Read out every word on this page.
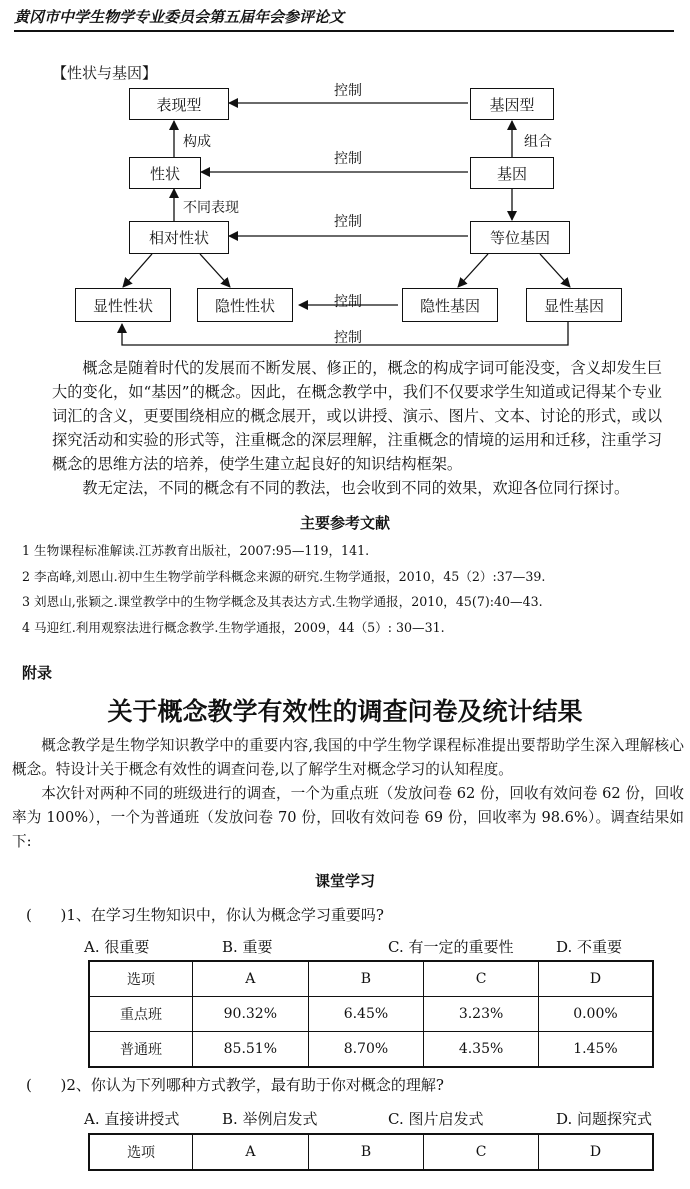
黄冈市中学生物学专业委员会第五届年会参评论文
【性状与基因】
表现型	基因型
性状	基因
相对性状	等位基因
显性性状	隐性性状	隐性基因	显性基因
控制
控制
控制
控制
控制
构成	组合
不同表现

概念是随着时代的发展而不断发展、修正的，概念的构成字词可能没变，含义却发生巨大的变化，如“基因”的概念。因此，在概念教学中，我们不仅要求学生知道或记得某个专业词汇的含义，更要围绕相应的概念展开，或以讲授、演示、图片、文本、讨论的形式，或以探究活动和实验的形式等，注重概念的深层理解，注重概念的情境的运用和迁移，注重学习概念的思维方法的培养，使学生建立起良好的知识结构框架。

教无定法，不同的概念有不同的教法，也会收到不同的效果，欢迎各位同行探讨。

主要参考文献
1 生物课程标准解读.江苏教育出版社，2007:95—119，141.
2 李高峰,刘恩山.初中生生物学前学科概念来源的研究.生物学通报，2010，45（2）:37—39.
3 刘恩山,张颖之.课堂教学中的生物学概念及其表达方式.生物学通报，2010，45(7):40—43.
4 马迎红.利用观察法进行概念教学.生物学通报，2009，44（5）: 30—31.
附录
关于概念教学有效性的调查问卷及统计结果

概念教学是生物学知识教学中的重要内容,我国的中学生物学课程标准提出要帮助学生深入理解核心概念。特设计关于概念有效性的调查问卷,以了解学生对概念学习的认知程度。

本次针对两种不同的班级进行的调查，一个为重点班（发放问卷 62 份，回收有效问卷 62 份，回收率为 100%），一个为普通班（发放问卷 70 份，回收有效问卷 69 份，回收率为 98.6%）。调查结果如下:

课堂学习
(      )1、在学习生物知识中，你认为概念学习重要吗?
A. 很重要	B. 重要	C. 有一定的重要性	D. 不重要
选项	A	B	C	D
重点班	90.32%	6.45%	3.23%	0.00%
普通班	85.51%	8.70%	4.35%	1.45%
(      )2、你认为下列哪种方式教学，最有助于你对概念的理解?
A. 直接讲授式	B. 举例启发式	C. 图片启发式	D. 问题探究式
选项	A	B	C	D
